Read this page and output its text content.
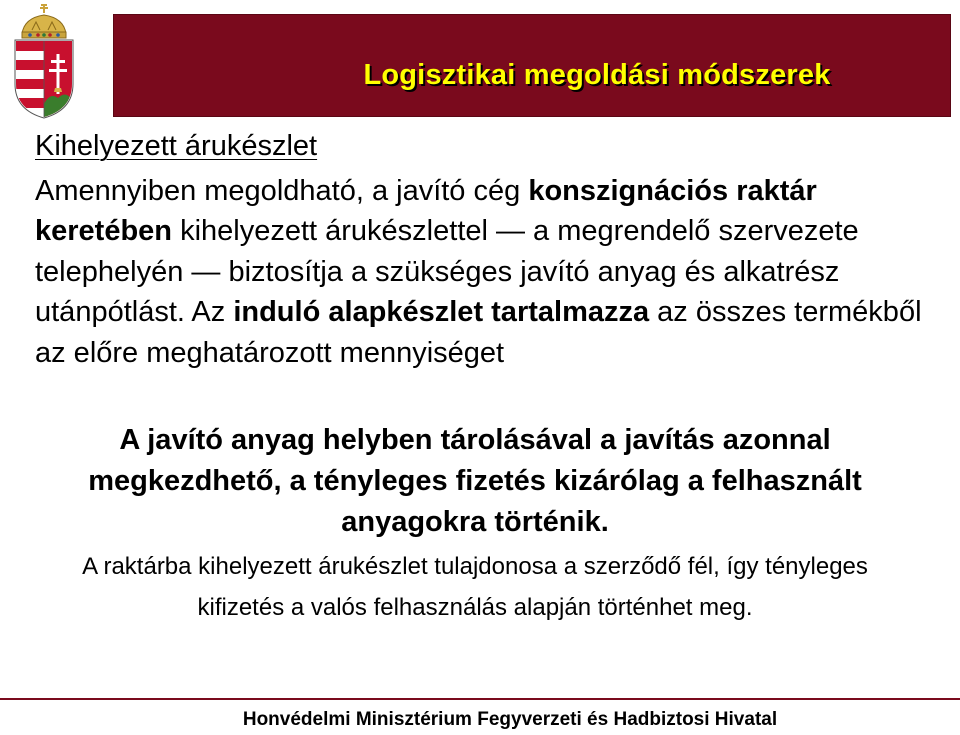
Logisztikai megoldási módszerek
Kihelyezett árukészlet
Amennyiben megoldható, a javító cég konszignációs raktár keretében kihelyezett árukészlettel — a megrendelő szervezete telephelyén — biztosítja a szükséges javító anyag és alkatrész utánpótlást. Az induló alapkészlet tartalmazza az összes termékből az előre meghatározott mennyiséget
A javító anyag helyben tárolásával a javítás azonnal megkezdhető, a tényleges fizetés kizárólag a felhasznált anyagokra történik.
A raktárba kihelyezett árukészlet tulajdonosa a szerződő fél, így tényleges kifizetés a valós felhasználás alapján történhet meg.
Honvédelmi Minisztérium Fegyverzeti és Hadbiztosi Hivatal
